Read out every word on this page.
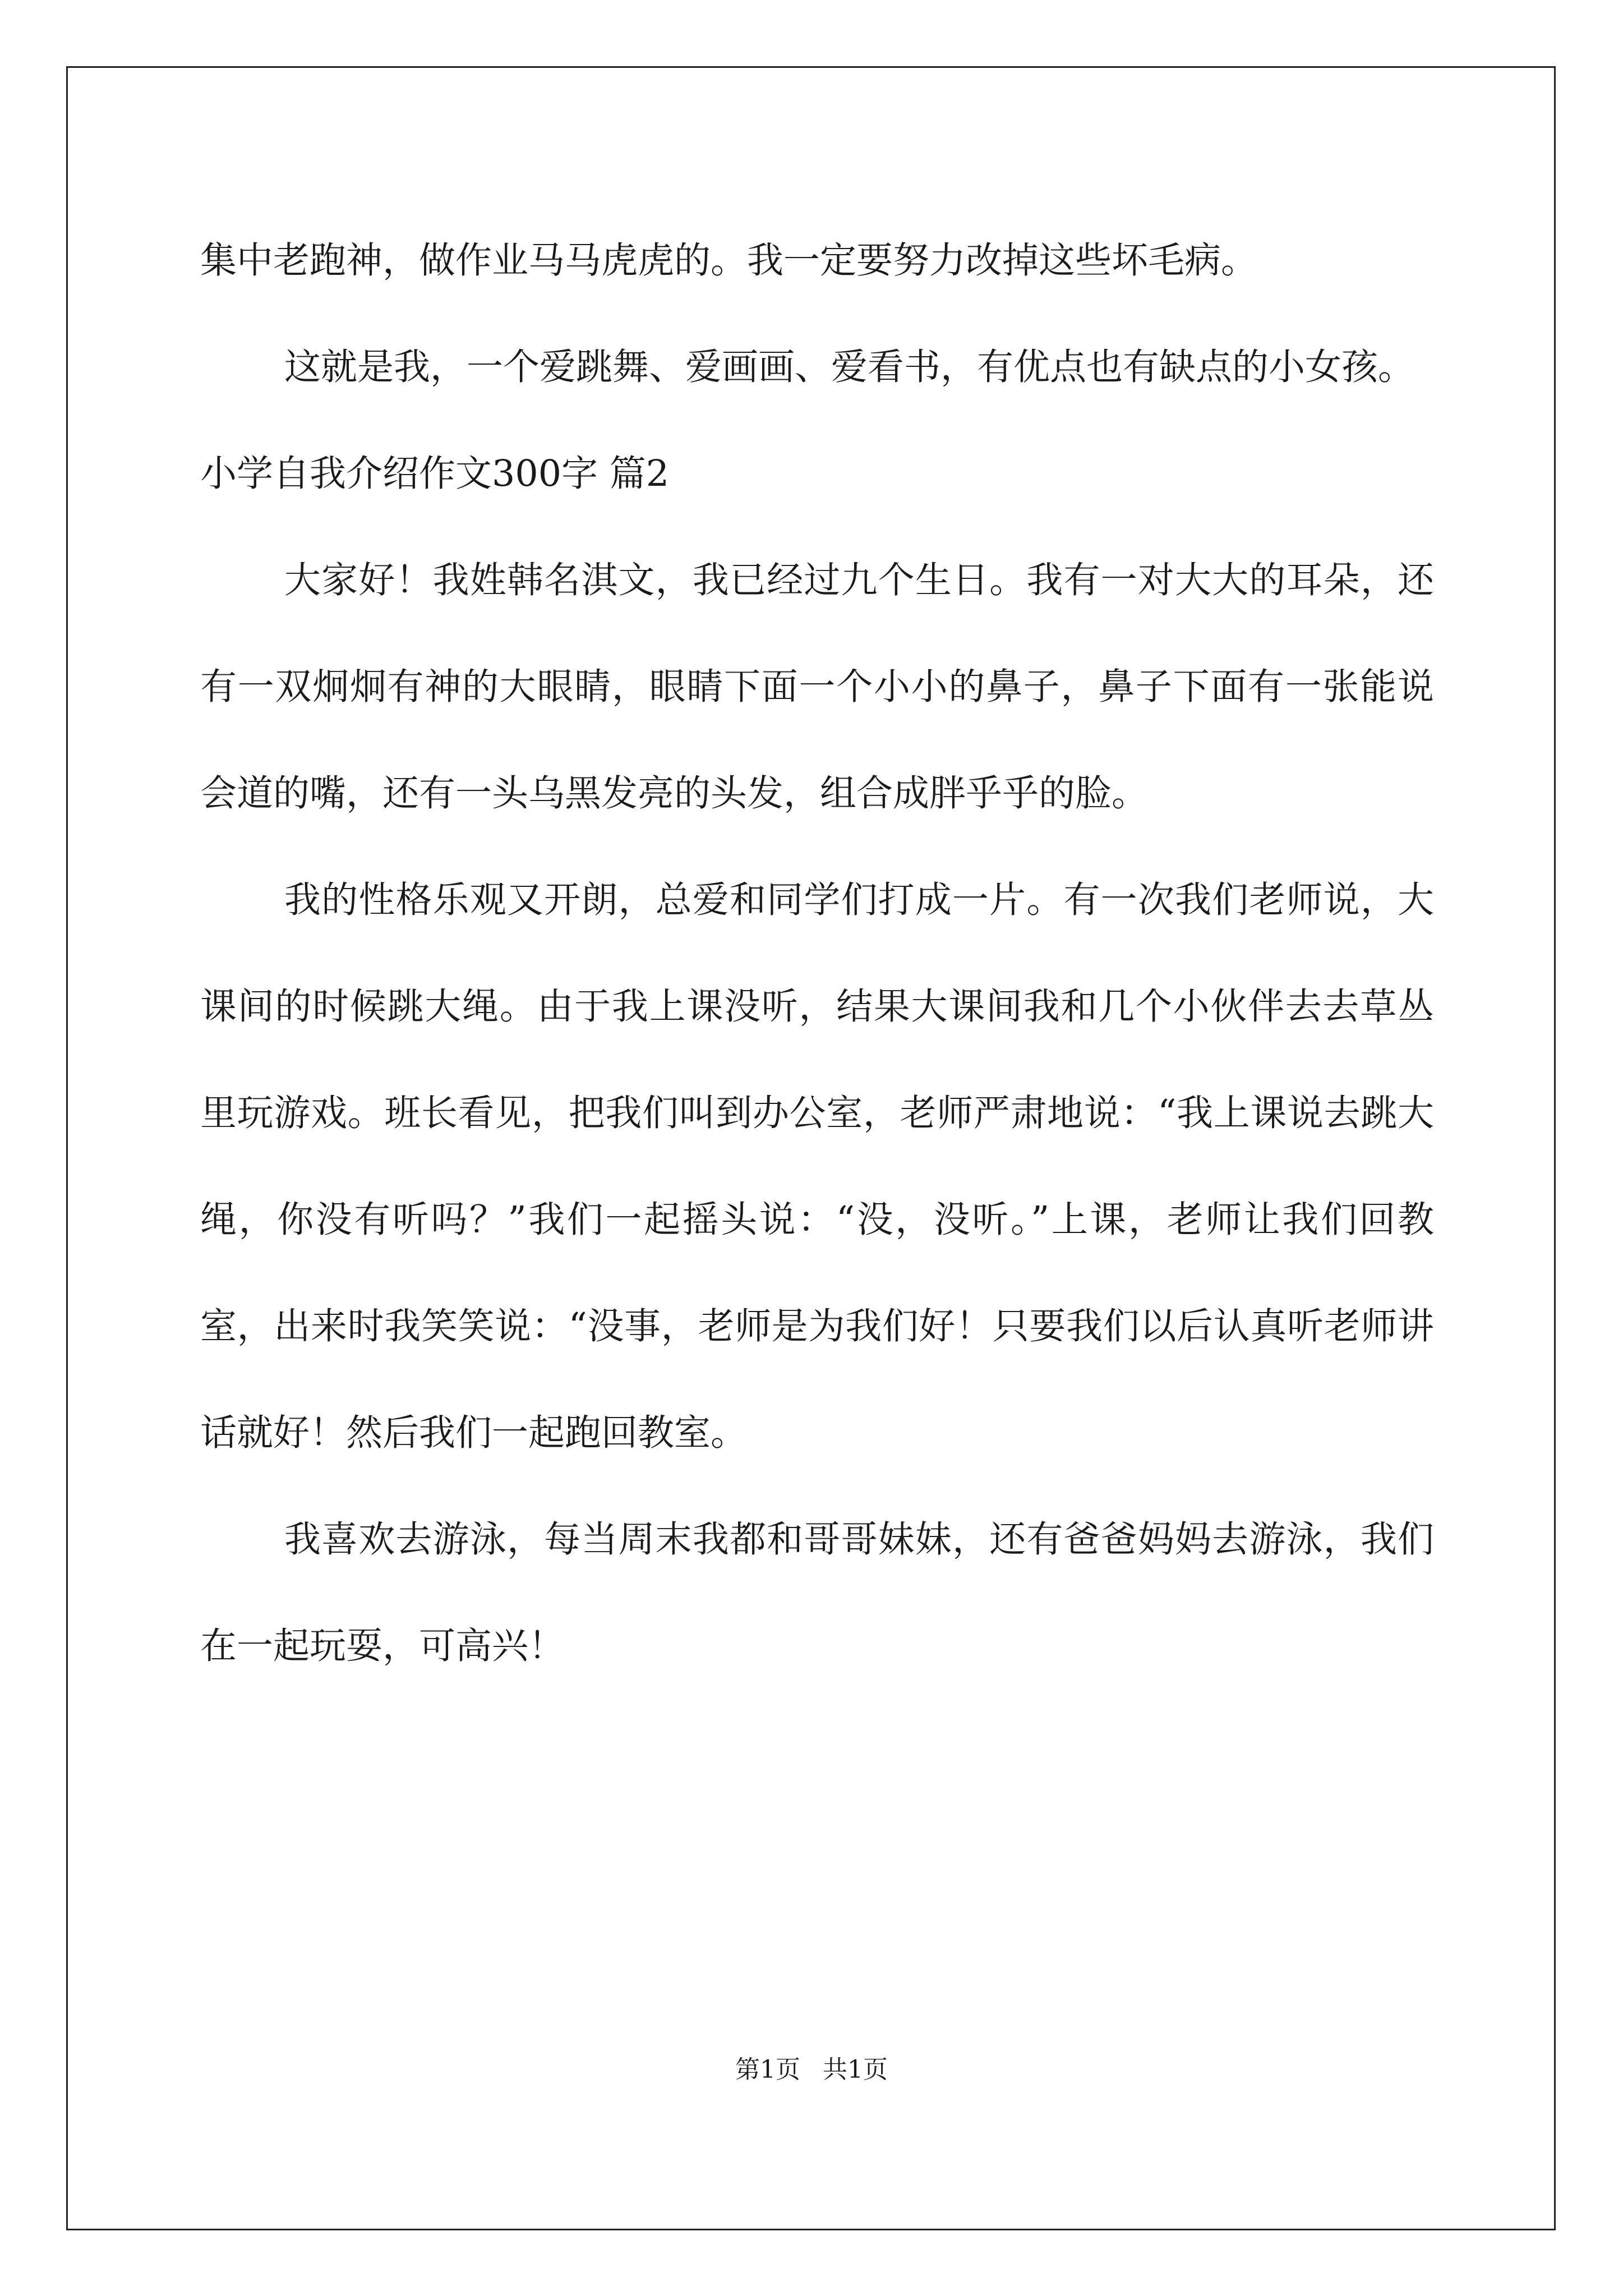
集中老跑神，做作业马马虎虎的。我一定要努力改掉这些坏毛病。

这就是我，一个爱跳舞、爱画画、爱看书，有优点也有缺点的小女孩。

小学自我介绍作文300字 篇2

大家好！我姓韩名淇文，我已经过九个生日。我有一对大大的耳朵，还有一双炯炯有神的大眼睛，眼睛下面一个小小的鼻子，鼻子下面有一张能说会道的嘴，还有一头乌黑发亮的头发，组合成胖乎乎的脸。

我的性格乐观又开朗，总爱和同学们打成一片。有一次我们老师说，大课间的时候跳大绳。由于我上课没听，结果大课间我和几个小伙伴去去草丛里玩游戏。班长看见，把我们叫到办公室，老师严肃地说：“我上课说去跳大绳，你没有听吗？”我们一起摇头说：“没，没听。”上课，老师让我们回教室，出来时我笑笑说：“没事，老师是为我们好！只要我们以后认真听老师讲话就好！然后我们一起跑回教室。

我喜欢去游泳，每当周末我都和哥哥妹妹，还有爸爸妈妈去游泳，我们在一起玩耍，可高兴！

第1页 共1页
